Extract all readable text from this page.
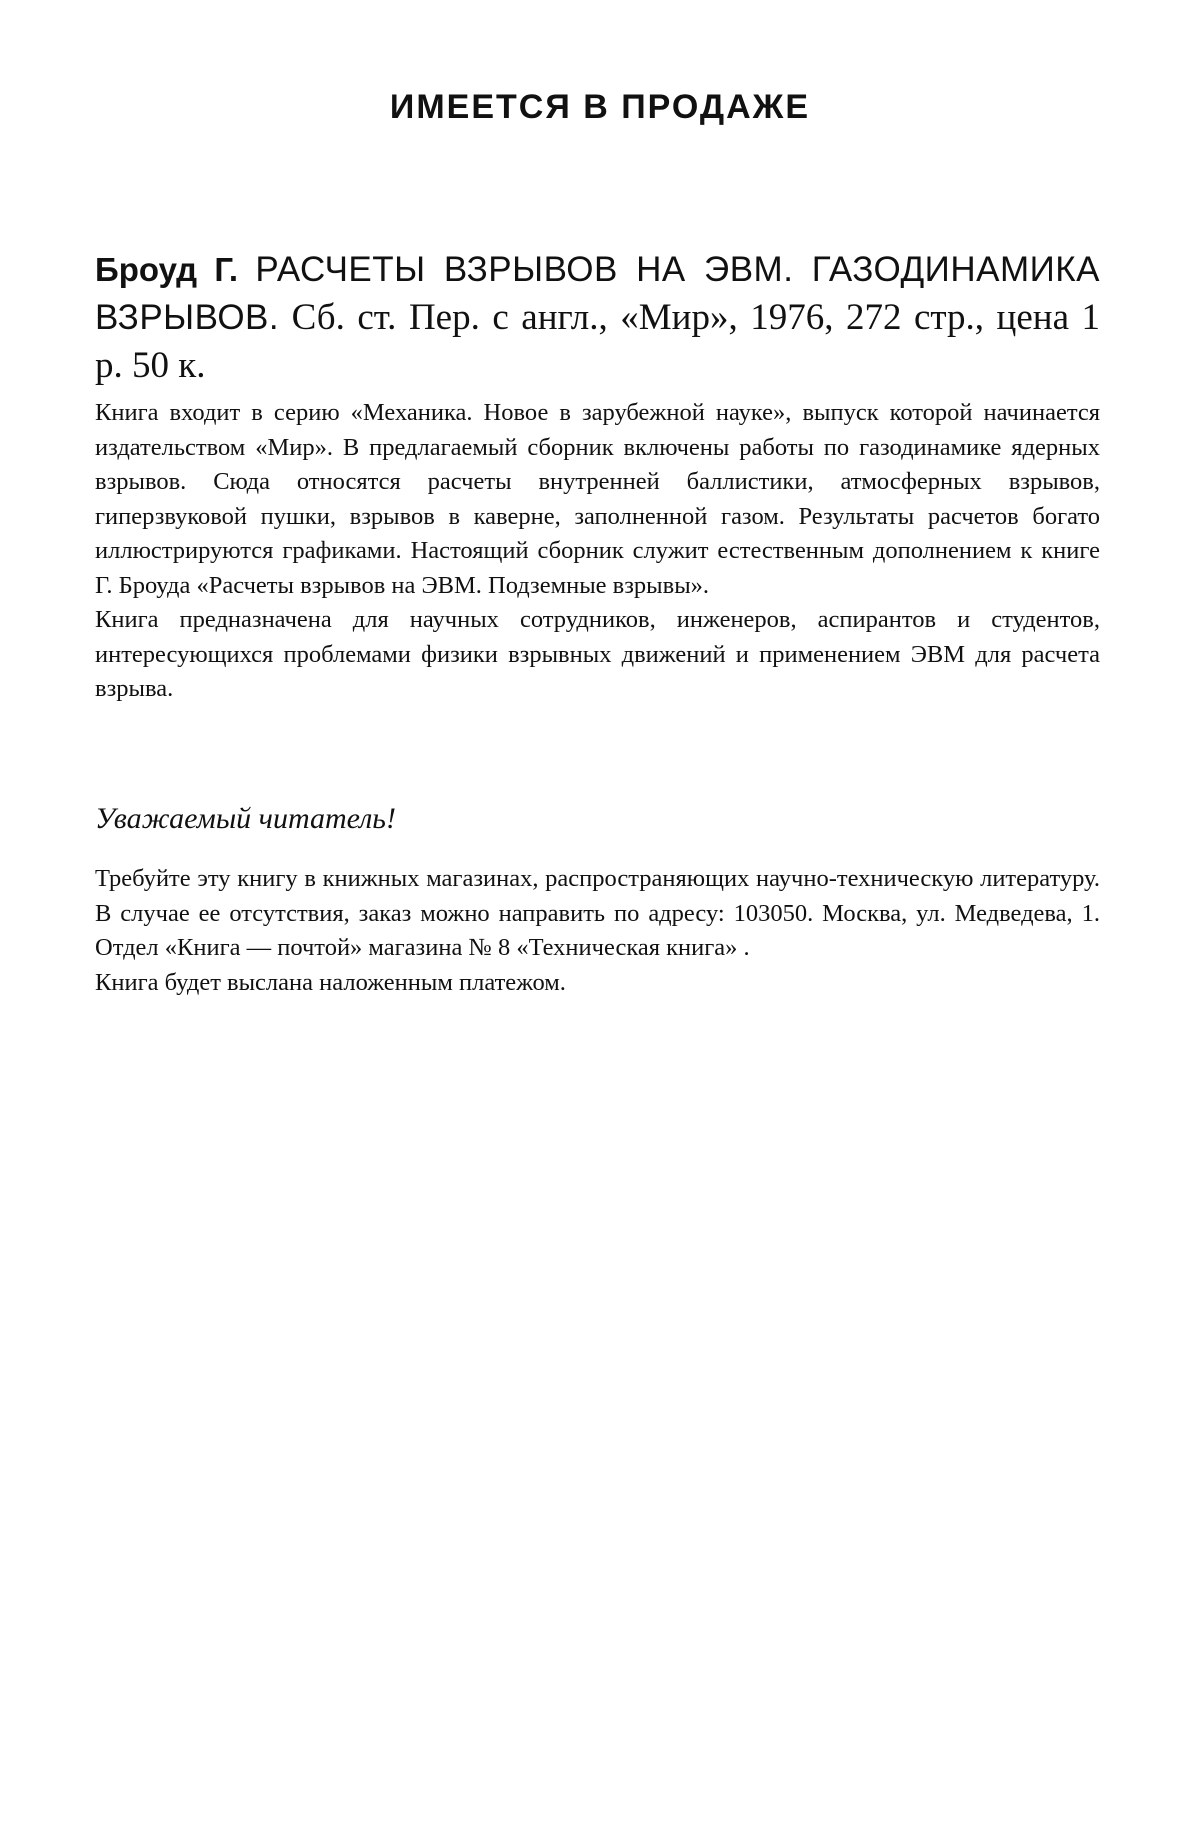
ИМЕЕТСЯ В ПРОДАЖЕ
Броуд Г. РАСЧЕТЫ ВЗРЫВОВ НА ЭВМ. ГАЗОДИНАМИКА ВЗРЫВОВ. Сб. ст. Пер. с англ., «Мир», 1976, 272 стр., цена 1 р. 50 к.

Книга входит в серию «Механика. Новое в зарубежной науке», выпуск которой начинается издательством «Мир». В предлагаемый сборник включены работы по газодинамике ядерных взрывов. Сюда относятся расчеты внутренней баллистики, атмосферных взрывов, гиперзвуковой пушки, взрывов в каверне, заполненной газом. Результаты расчетов богато иллюстрируются графиками. Настоящий сборник служит естественным дополнением к книге Г. Броуда «Расчеты взрывов на ЭВМ. Подземные взрывы».

Книга предназначена для научных сотрудников, инженеров, аспирантов и студентов, интересующихся проблемами физики взрывных движений и применением ЭВМ для расчета взрыва.

Уважаемый читатель!

Требуйте эту книгу в книжных магазинах, распространяющих научно-техническую литературу. В случае ее отсутствия, заказ можно направить по адресу: 103050. Москва, ул. Медведева, 1. Отдел «Книга — почтой» магазина № 8 «Техническая книга» .

Книга будет выслана наложенным платежом.
